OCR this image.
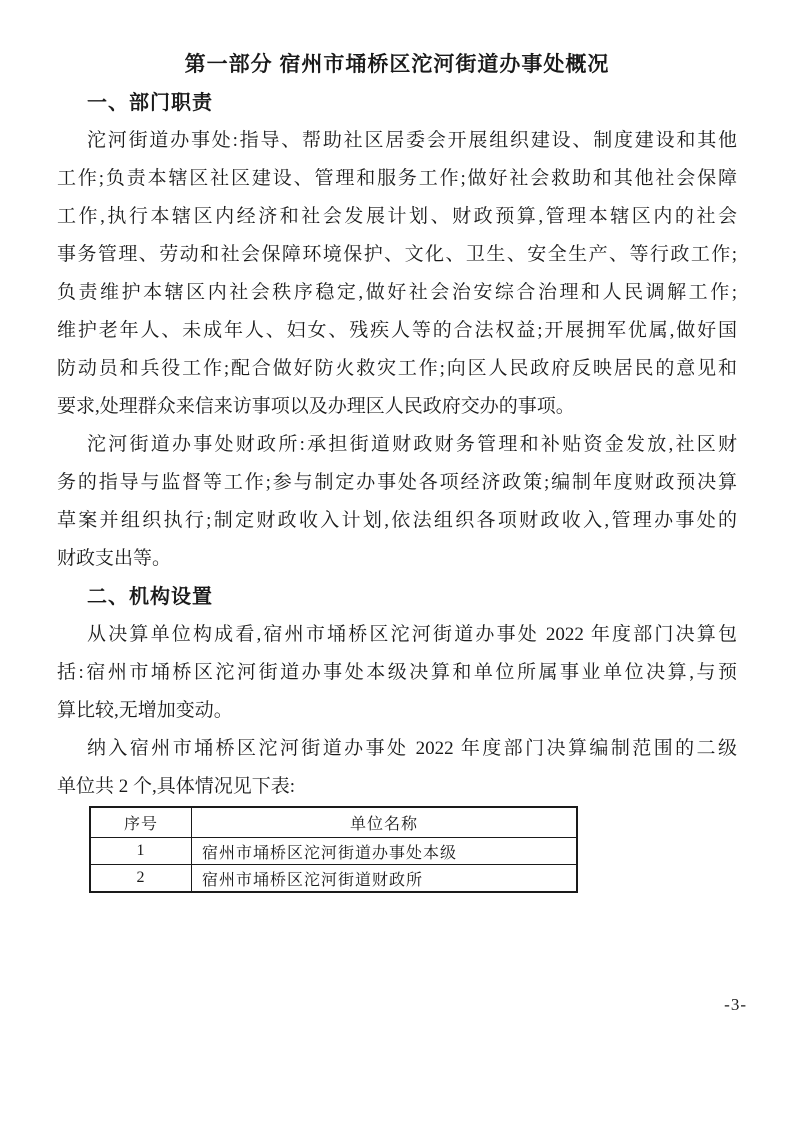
第一部分 宿州市埇桥区沱河街道办事处概况
一、部门职责
沱河街道办事处:指导、帮助社区居委会开展组织建设、制度建设和其他
工作;负责本辖区社区建设、管理和服务工作;做好社会救助和其他社会保障
工作,执行本辖区内经济和社会发展计划、财政预算,管理本辖区内的社会
事务管理、劳动和社会保障环境保护、文化、卫生、安全生产、等行政工作;
负责维护本辖区内社会秩序稳定,做好社会治安综合治理和人民调解工作;
维护老年人、未成年人、妇女、残疾人等的合法权益;开展拥军优属,做好国
防动员和兵役工作;配合做好防火救灾工作;向区人民政府反映居民的意见和
要求,处理群众来信来访事项以及办理区人民政府交办的事项。
沱河街道办事处财政所:承担街道财政财务管理和补贴资金发放,社区财
务的指导与监督等工作;参与制定办事处各项经济政策;编制年度财政预决算
草案并组织执行;制定财政收入计划,依法组织各项财政收入,管理办事处的
财政支出等。
二、机构设置
从决算单位构成看,宿州市埇桥区沱河街道办事处 2022 年度部门决算包
括:宿州市埇桥区沱河街道办事处本级决算和单位所属事业单位决算,与预
算比较,无增加变动。
纳入宿州市埇桥区沱河街道办事处 2022 年度部门决算编制范围的二级
单位共 2 个,具体情况见下表:
序号	单位名称
1	宿州市埇桥区沱河街道办事处本级
2	宿州市埇桥区沱河街道财政所
-3-
